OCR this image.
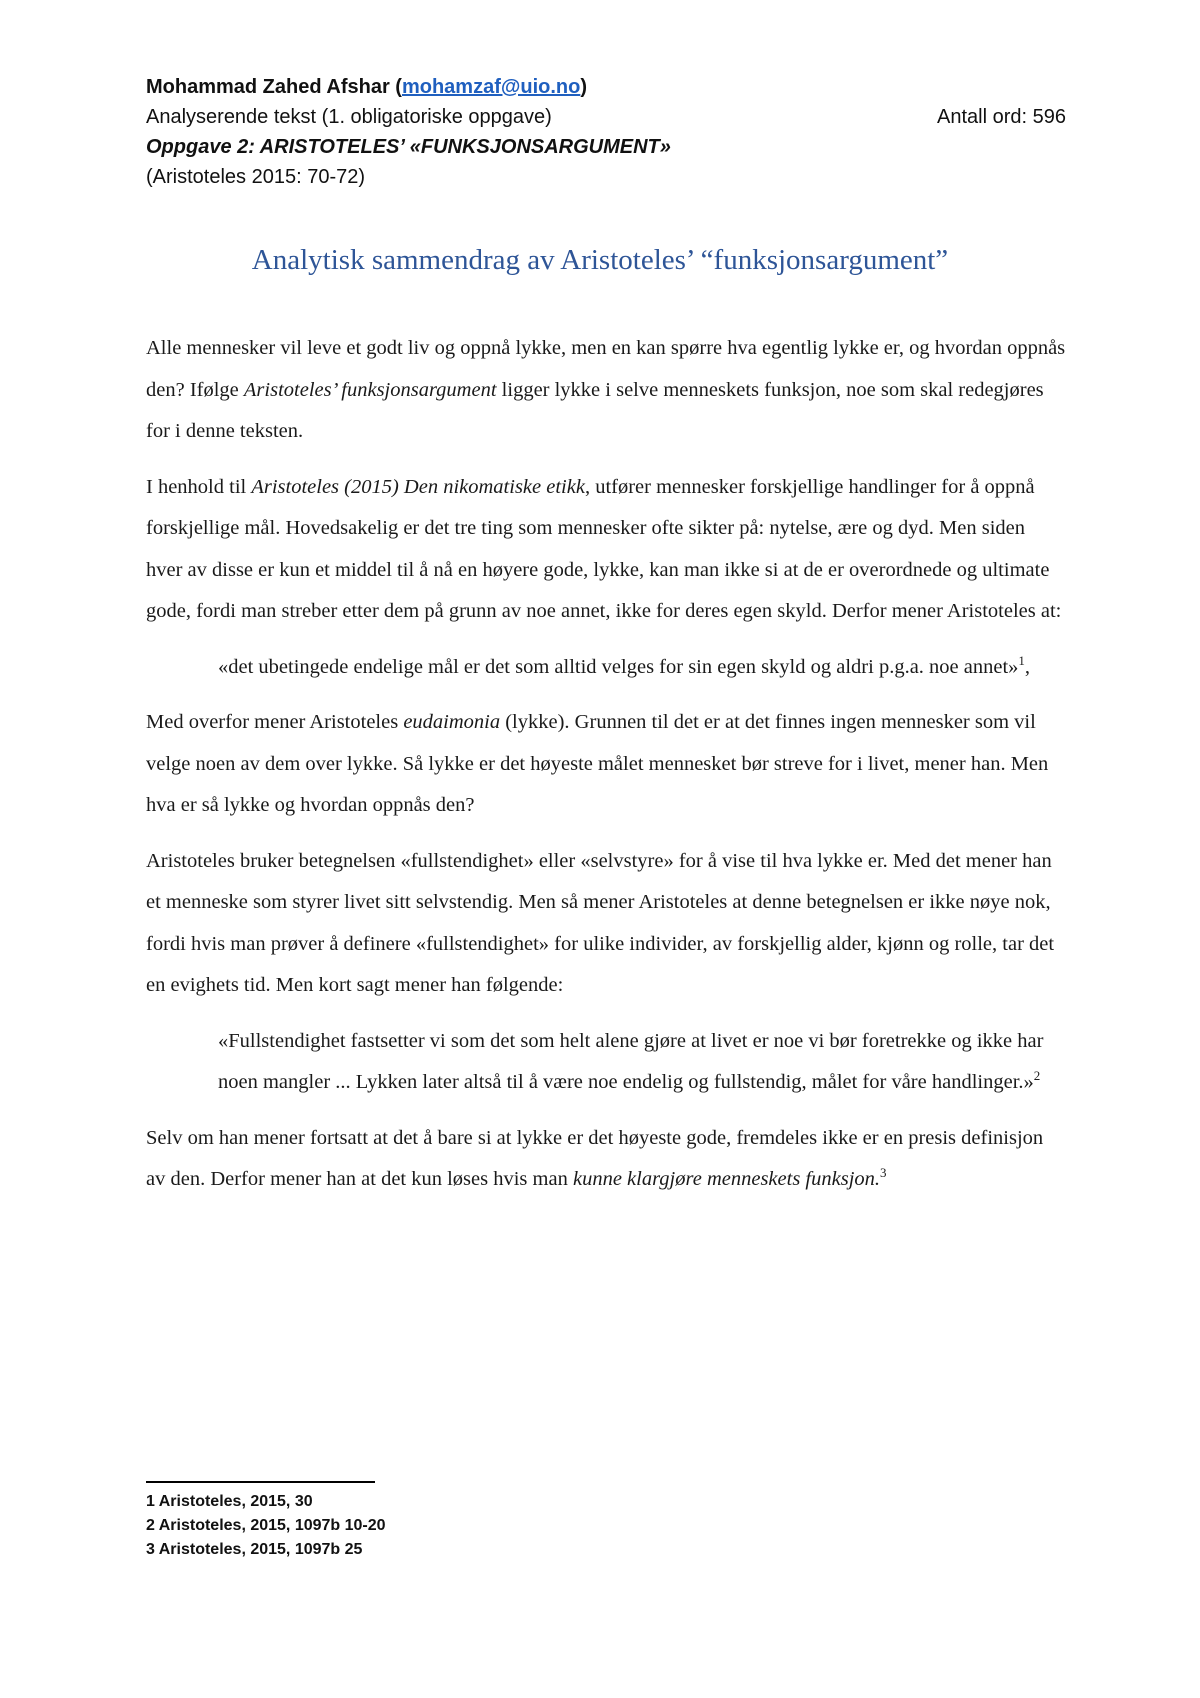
Mohammad Zahed Afshar (mohamzaf@uio.no)
Analyserende tekst (1. obligatoriske oppgave)	Antall ord: 596
Oppgave 2: ARISTOTELES’ «FUNKSJONSARGUMENT»
(Aristoteles 2015: 70-72)
Analytisk sammendrag av Aristoteles’ “funksjonsargument”

Alle mennesker vil leve et godt liv og oppnå lykke, men en kan spørre hva egentlig lykke er, og hvordan oppnås den? Ifølge Aristoteles’ funksjonsargument ligger lykke i selve menneskets funksjon, noe som skal redegjøres for i denne teksten.

I henhold til Aristoteles (2015) Den nikomatiske etikk, utfører mennesker forskjellige handlinger for å oppnå forskjellige mål. Hovedsakelig er det tre ting som mennesker ofte sikter på: nytelse, ære og dyd. Men siden hver av disse er kun et middel til å nå en høyere gode, lykke, kan man ikke si at de er overordnede og ultimate gode, fordi man streber etter dem på grunn av noe annet, ikke for deres egen skyld. Derfor mener Aristoteles at:

«det ubetingede endelige mål er det som alltid velges for sin egen skyld og aldri p.g.a. noe annet»$^1$,

Med overfor mener Aristoteles eudaimonia (lykke). Grunnen til det er at det finnes ingen mennesker som vil velge noen av dem over lykke. Så lykke er det høyeste målet mennesket bør streve for i livet, mener han. Men hva er så lykke og hvordan oppnås den?

Aristoteles bruker betegnelsen «fullstendighet» eller «selvstyre» for å vise til hva lykke er. Med det mener han et menneske som styrer livet sitt selvstendig. Men så mener Aristoteles at denne betegnelsen er ikke nøye nok, fordi hvis man prøver å definere «fullstendighet» for ulike individer, av forskjellig alder, kjønn og rolle, tar det en evighets tid. Men kort sagt mener han følgende:

«Fullstendighet fastsetter vi som det som helt alene gjøre at livet er noe vi bør foretrekke og ikke har noen mangler ... Lykken later altså til å være noe endelig og fullstendig, målet for våre handlinger.»$^2$

Selv om han mener fortsatt at det å bare si at lykke er det høyeste gode, fremdeles ikke er en presis definisjon av den. Derfor mener han at det kun løses hvis man kunne klargjøre menneskets funksjon.$^3$

1 Aristoteles, 2015, 30
2 Aristoteles, 2015, 1097b 10-20
3 Aristoteles, 2015, 1097b 25
